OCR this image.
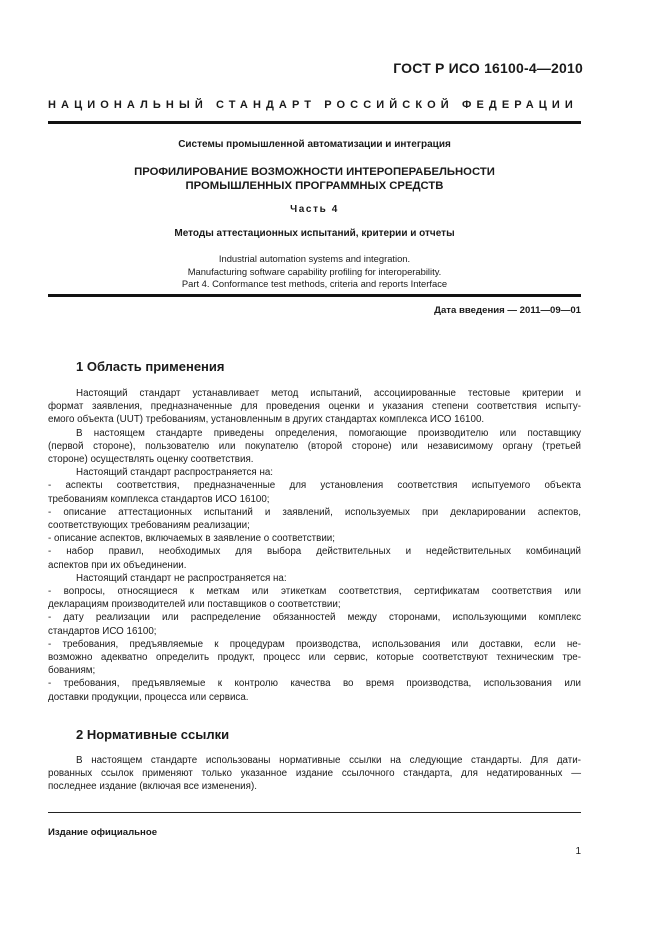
ГОСТ Р ИСО 16100-4—2010
НАЦИОНАЛЬНЫЙ СТАНДАРТ РОССИЙСКОЙ ФЕДЕРАЦИИ
Системы промышленной автоматизации и интеграция
ПРОФИЛИРОВАНИЕ ВОЗМОЖНОСТИ ИНТЕРОПЕРАБЕЛЬНОСТИ
ПРОМЫШЛЕННЫХ ПРОГРАММНЫХ СРЕДСТВ
Часть 4
Методы аттестационных испытаний, критерии и отчеты
Industrial automation systems and integration.
Manufacturing software capability profiling for interoperability.
Part 4. Conformance test methods, criteria and reports Interface
Дата введения — 2011—09—01
1 Область применения

Настоящий стандарт устанавливает метод испытаний, ассоциированные тестовые критерии и
формат заявления, предназначенные для проведения оценки и указания степени соответствия испыту-
емого объекта (UUT) требованиям, установленным в других стандартах комплекса ИСО 16100.

В настоящем стандарте приведены определения, помогающие производителю или поставщику
(первой стороне), пользователю или покупателю (второй стороне) или независимому органу (третьей
стороне) осуществлять оценку соответствия.

Настоящий стандарт распространяется на:

- аспекты соответствия, предназначенные для установления соответствия испытуемого объекта
требованиям комплекса стандартов ИСО 16100;

- описание аттестационных испытаний и заявлений, используемых при декларировании аспектов,
соответствующих требованиям реализации;

- описание аспектов, включаемых в заявление о соответствии;

- набор правил, необходимых для выбора действительных и недействительных комбинаций
аспектов при их объединении.

Настоящий стандарт не распространяется на:

- вопросы, относящиеся к меткам или этикеткам соответствия, сертификатам соответствия или
декларациям производителей или поставщиков о соответствии;

- дату реализации или распределение обязанностей между сторонами, использующими комплекс
стандартов ИСО 16100;

- требования, предъявляемые к процедурам производства, использования или доставки, если не-
возможно адекватно определить продукт, процесс или сервис, которые соответствуют техническим тре-
бованиям;

- требования, предъявляемые к контролю качества во время производства, использования или
доставки продукции, процесса или сервиса.

2 Нормативные ссылки

В настоящем стандарте использованы нормативные ссылки на следующие стандарты. Для дати-
рованных ссылок применяют только указанное издание ссылочного стандарта, для недатированных —
последнее издание (включая все изменения).

Издание официальное
1
